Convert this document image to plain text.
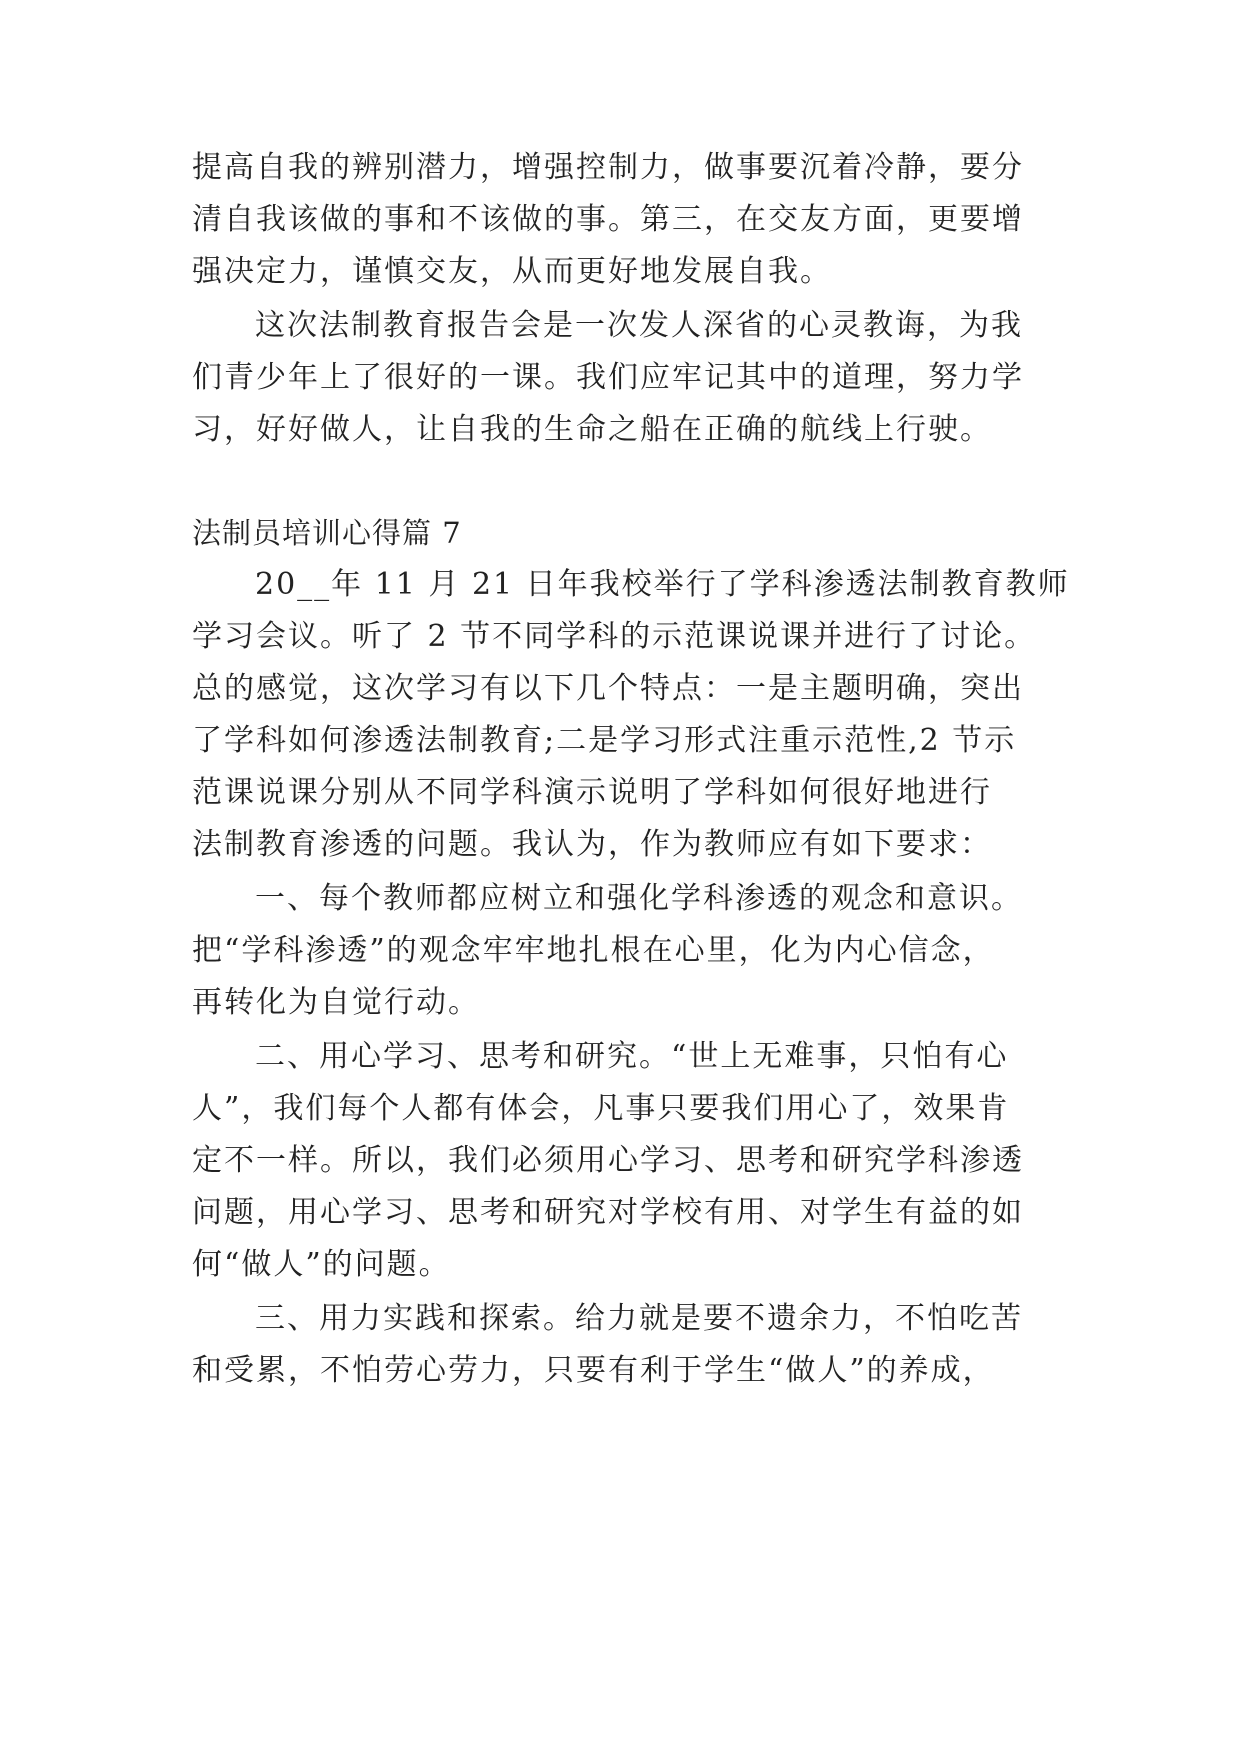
提高自我的辨别潜力，增强控制力，做事要沉着冷静，要分
清自我该做的事和不该做的事。第三，在交友方面，更要增
强决定力，谨慎交友，从而更好地发展自我。
这次法制教育报告会是一次发人深省的心灵教诲，为我
们青少年上了很好的一课。我们应牢记其中的道理，努力学
习，好好做人，让自我的生命之船在正确的航线上行驶。
法制员培训心得篇 7
20__年 11 月 21 日年我校举行了学科渗透法制教育教师
学习会议。听了 2 节不同学科的示范课说课并进行了讨论。
总的感觉，这次学习有以下几个特点：一是主题明确，突出
了学科如何渗透法制教育;二是学习形式注重示范性,2 节示
范课说课分别从不同学科演示说明了学科如何很好地进行
法制教育渗透的问题。我认为，作为教师应有如下要求：
一、每个教师都应树立和强化学科渗透的观念和意识。
把“学科渗透”的观念牢牢地扎根在心里，化为内心信念，
再转化为自觉行动。
二、用心学习、思考和研究。“世上无难事，只怕有心
人”，我们每个人都有体会，凡事只要我们用心了，效果肯
定不一样。所以，我们必须用心学习、思考和研究学科渗透
问题，用心学习、思考和研究对学校有用、对学生有益的如
何“做人”的问题。
三、用力实践和探索。给力就是要不遗余力，不怕吃苦
和受累，不怕劳心劳力，只要有利于学生“做人”的养成，
